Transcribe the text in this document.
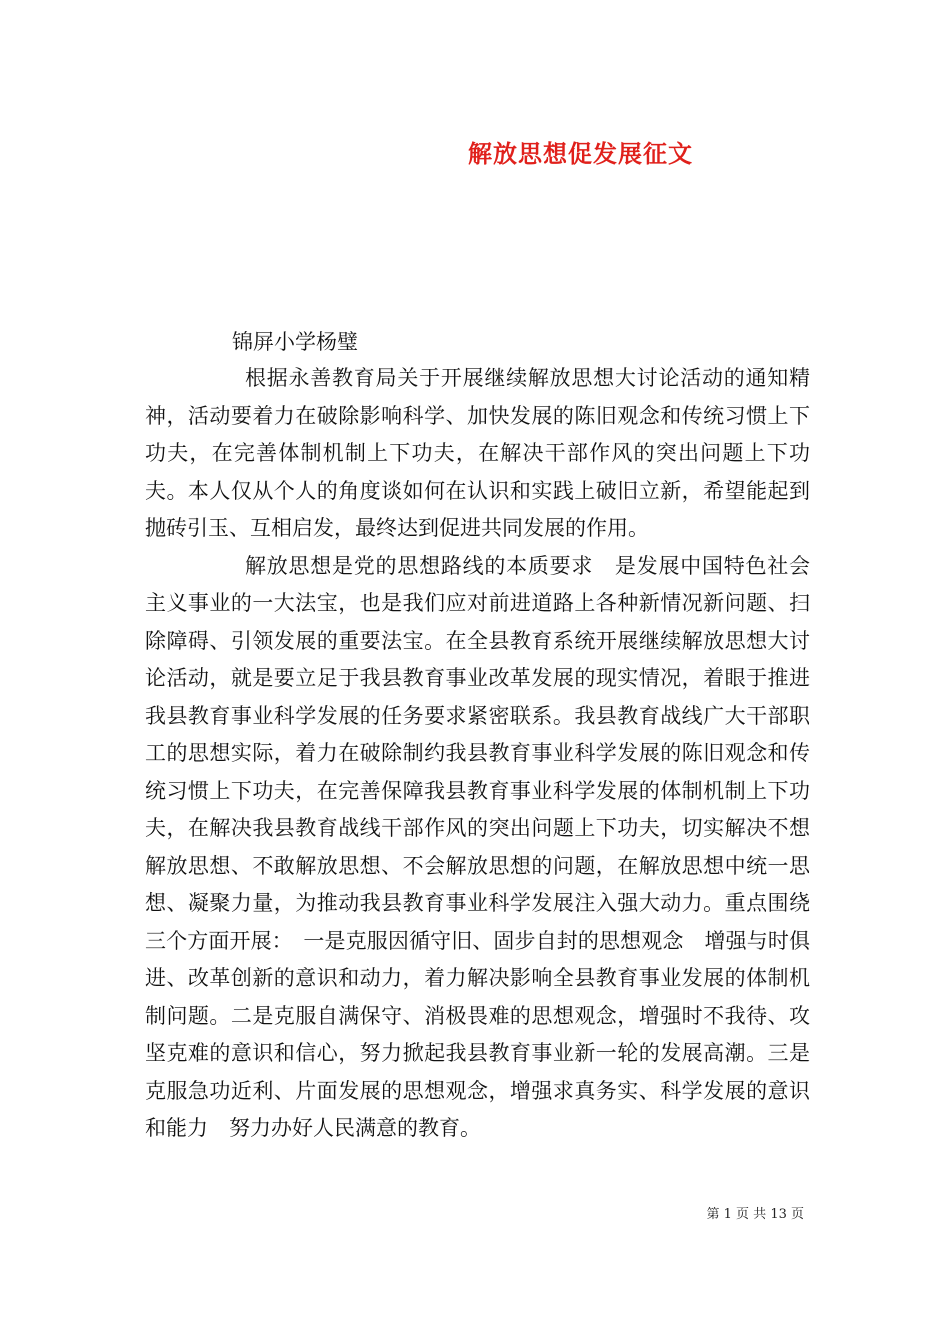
解放思想促发展征文
锦屏小学杨璧

根据永善教育局关于开展继续解放思想大讨论活动的通知精神，活动要着力在破除影响科学、加快发展的陈旧观念和传统习惯上下功夫，在完善体制机制上下功夫，在解决干部作风的突出问题上下功夫。本人仅从个人的角度谈如何在认识和实践上破旧立新，希望能起到抛砖引玉、互相启发，最终达到促进共同发展的作用。

解放思想是党的思想路线的本质要求　是发展中国特色社会主义事业的一大法宝，也是我们应对前进道路上各种新情况新问题、扫除障碍、引领发展的重要法宝。在全县教育系统开展继续解放思想大讨论活动，就是要立足于我县教育事业改革发展的现实情况，着眼于推进我县教育事业科学发展的任务要求紧密联系。我县教育战线广大干部职工的思想实际，着力在破除制约我县教育事业科学发展的陈旧观念和传统习惯上下功夫，在完善保障我县教育事业科学发展的体制机制上下功夫，在解决我县教育战线干部作风的突出问题上下功夫，切实解决不想解放思想、不敢解放思想、不会解放思想的问题，在解放思想中统一思想、凝聚力量，为推动我县教育事业科学发展注入强大动力。重点围绕三个方面开展：　一是克服因循守旧、固步自封的思想观念　增强与时俱进、改革创新的意识和动力，着力解决影响全县教育事业发展的体制机制问题。二是克服自满保守、消极畏难的思想观念，增强时不我待、攻坚克难的意识和信心，努力掀起我县教育事业新一轮的发展高潮。三是克服急功近利、片面发展的思想观念，增强求真务实、科学发展的意识和能力　努力办好人民满意的教育。

第 1 页 共 13 页
